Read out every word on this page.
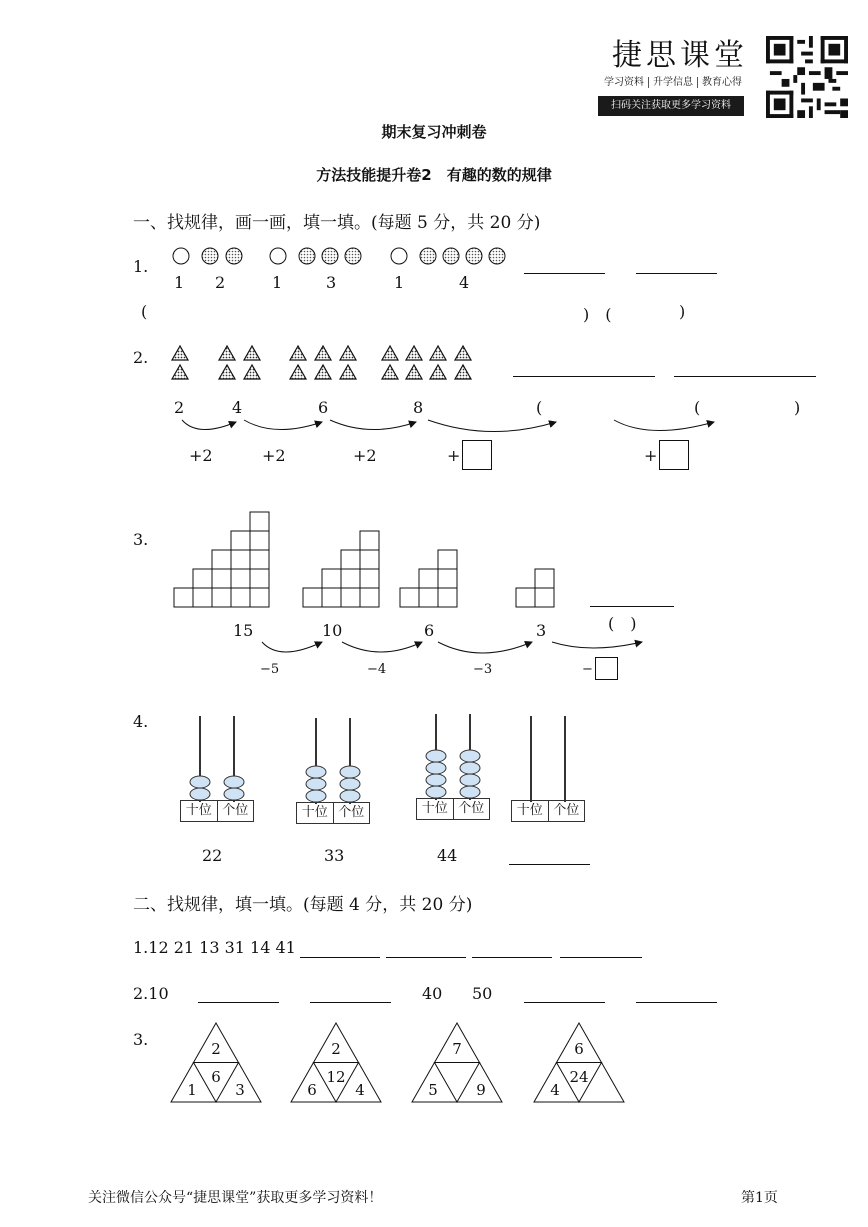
捷思课堂
学习资料 升学信息 教育心得
扫码关注获取更多学习资料
期末复习冲刺卷
方法技能提升卷2　有趣的数的规律
一、找规律，画一画，填一填。(每题 5 分，共 20 分)
1.
1 2	1	3	1	4
(	)　(	)
2.
2	4	6	8	(	(	)
+2	+2	+2	+	+
3.
(　)
15	10	6	3
−5	−4	−3	−
4.
十位 个位	十位 个位	十位 个位	十位 个位
22	33	44
二、找规律，填一填。(每题 4 分，共 20 分)
1.12 21 13 31 14 41
2.10	40 50
3.	2
6
1	3
2
12
6	4
7
5	9
6
24
4
关注微信公众号“捷思课堂”获取更多学习资料！	第1页
